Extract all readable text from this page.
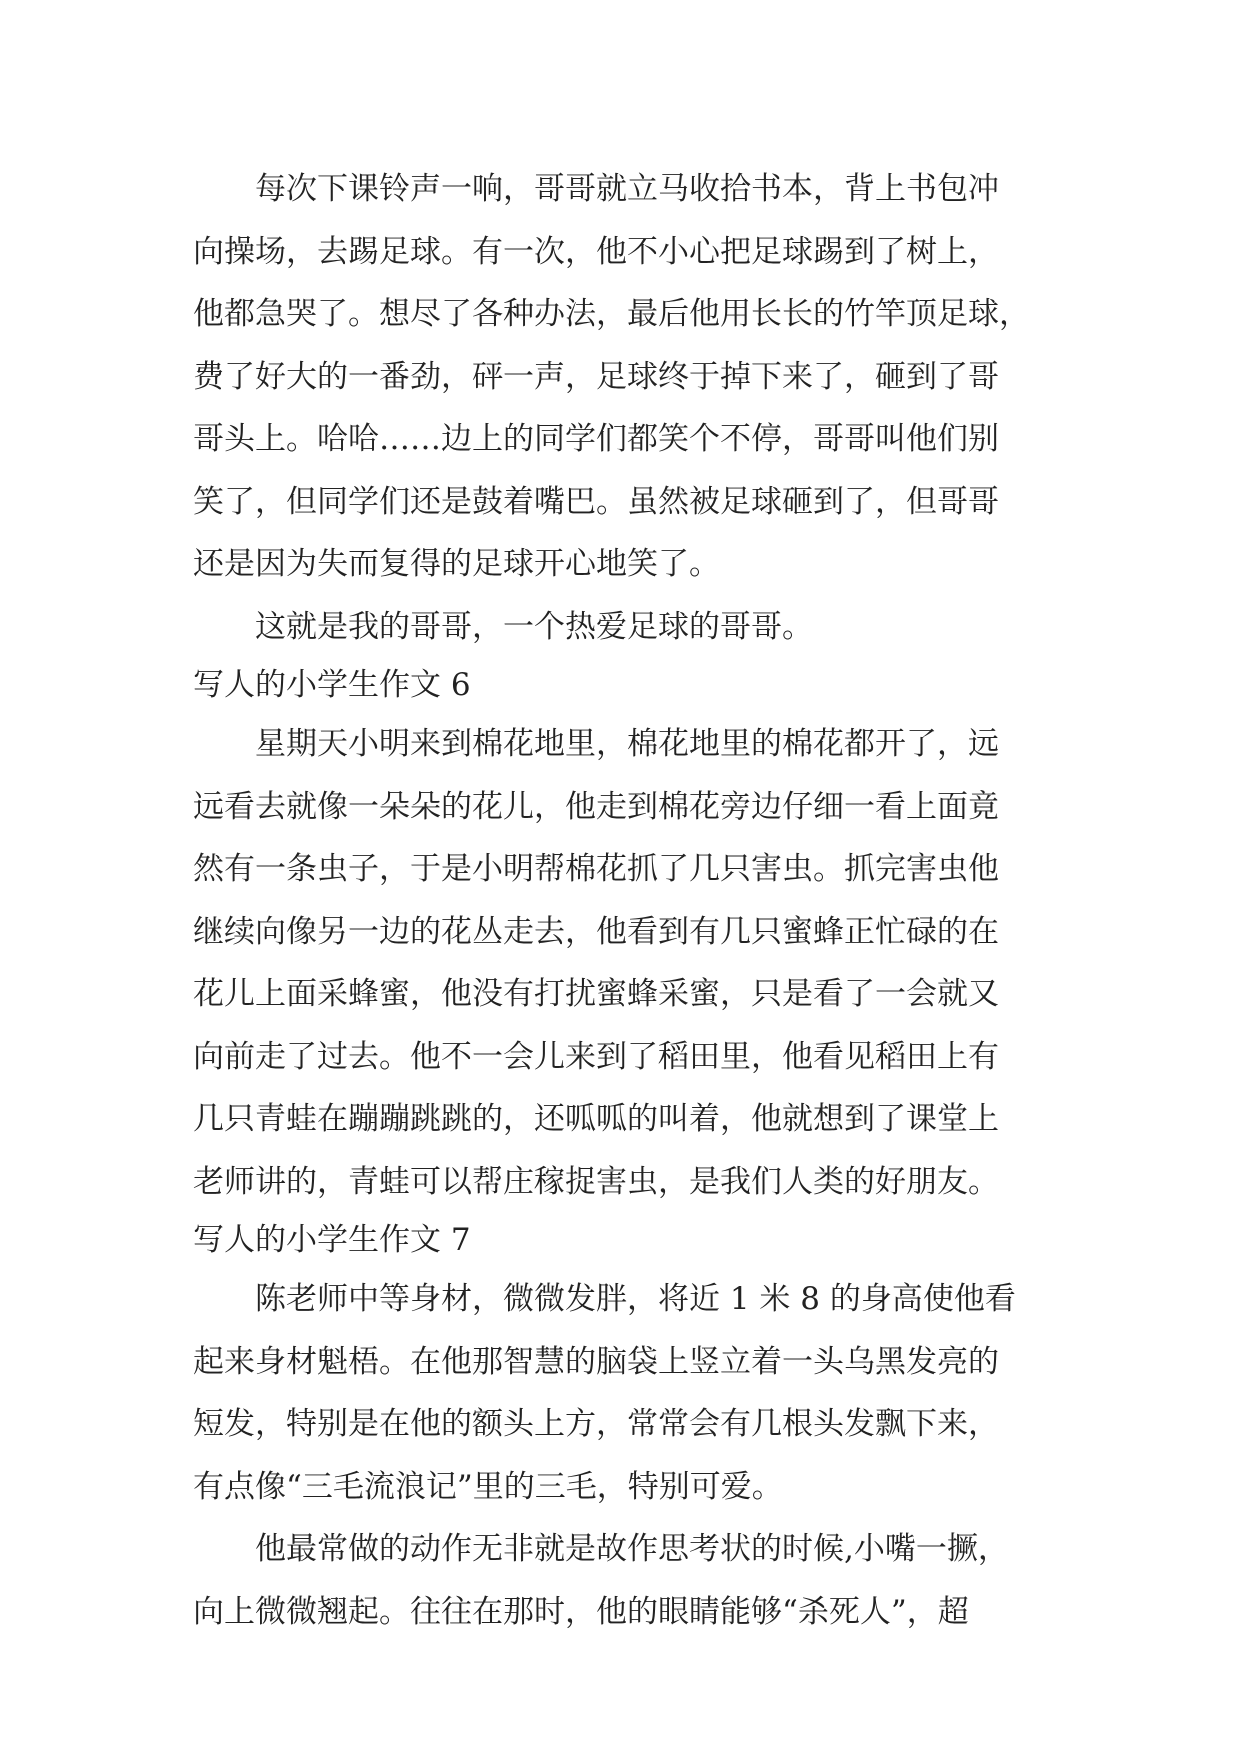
每次下课铃声一响，哥哥就立马收拾书本，背上书包冲
向操场，去踢足球。有一次，他不小心把足球踢到了树上，
他都急哭了。想尽了各种办法，最后他用长长的竹竿顶足球，
费了好大的一番劲，砰一声，足球终于掉下来了，砸到了哥
哥头上。哈哈……边上的同学们都笑个不停，哥哥叫他们别
笑了，但同学们还是鼓着嘴巴。虽然被足球砸到了，但哥哥
还是因为失而复得的足球开心地笑了。
这就是我的哥哥，一个热爱足球的哥哥。
写人的小学生作文 6
星期天小明来到棉花地里，棉花地里的棉花都开了，远
远看去就像一朵朵的花儿，他走到棉花旁边仔细一看上面竟
然有一条虫子，于是小明帮棉花抓了几只害虫。抓完害虫他
继续向像另一边的花丛走去，他看到有几只蜜蜂正忙碌的在
花儿上面采蜂蜜，他没有打扰蜜蜂采蜜，只是看了一会就又
向前走了过去。他不一会儿来到了稻田里，他看见稻田上有
几只青蛙在蹦蹦跳跳的，还呱呱的叫着，他就想到了课堂上
老师讲的，青蛙可以帮庄稼捉害虫，是我们人类的好朋友。
写人的小学生作文 7
陈老师中等身材，微微发胖，将近 1 米 8 的身高使他看
起来身材魁梧。在他那智慧的脑袋上竖立着一头乌黑发亮的
短发，特别是在他的额头上方，常常会有几根头发飘下来，
有点像“三毛流浪记”里的三毛，特别可爱。
他最常做的动作无非就是故作思考状的时候,小嘴一撅，
向上微微翘起。往往在那时，他的眼睛能够“杀死人”，超
